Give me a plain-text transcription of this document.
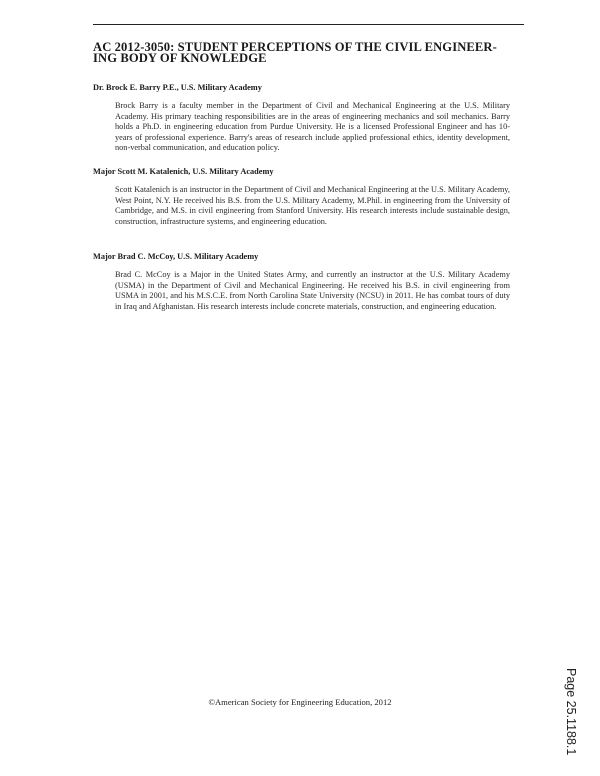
AC 2012-3050: STUDENT PERCEPTIONS OF THE CIVIL ENGINEER-
ING BODY OF KNOWLEDGE

Dr. Brock E. Barry P.E., U.S. Military Academy

Brock Barry is a faculty member in the Department of Civil and Mechanical Engineering at the U.S. Military Academy. His primary teaching responsibilities are in the areas of engineering mechanics and soil mechanics. Barry holds a Ph.D. in engineering education from Purdue University. He is a licensed Professional Engineer and has 10-years of professional experience. Barry's areas of research include applied professional ethics, identity development, non-verbal communication, and education policy.

Major Scott M. Katalenich, U.S. Military Academy

Scott Katalenich is an instructor in the Department of Civil and Mechanical Engineering at the U.S. Military Academy, West Point, N.Y. He received his B.S. from the U.S. Military Academy, M.Phil. in engineering from the University of Cambridge, and M.S. in civil engineering from Stanford University. His research interests include sustainable design, construction, infrastructure systems, and engineering education.

Major Brad C. McCoy, U.S. Military Academy

Brad C. McCoy is a Major in the United States Army, and currently an instructor at the U.S. Military Academy (USMA) in the Department of Civil and Mechanical Engineering. He received his B.S. in civil engineering from USMA in 2001, and his M.S.C.E. from North Carolina State University (NCSU) in 2011. He has combat tours of duty in Iraq and Afghanistan. His research interests include concrete materials, construction, and engineering education.

©American Society for Engineering Education, 2012	Page 25.1188.1
